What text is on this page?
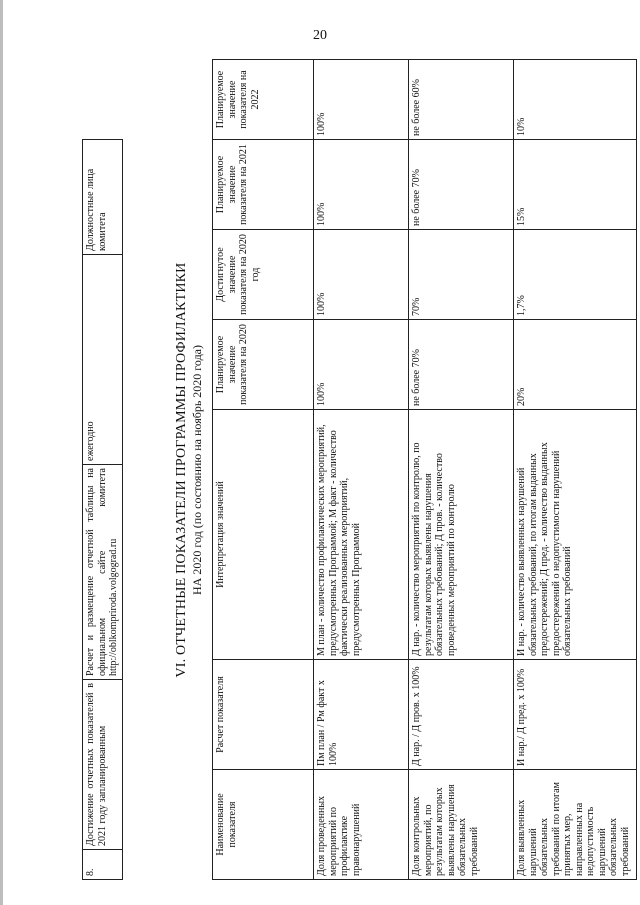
20
8.	Достижение отчетных показателей в 2021 году запланированным	Расчет и размещение отчетной таблицы на официальном сайте комитета http://oblkompriroda.volgograd.ru	ежегодно	Должностные лица комитета
VI. ОТЧЕТНЫЕ ПОКАЗАТЕЛИ ПРОГРАММЫ ПРОФИЛАКТИКИ НА 2020 год (по состоянию на ноябрь 2020 года)
Наименование показателя	Расчет показателя	Интерпретация значений	Планируемое значение показателя на 2020	Достигнутое значение показателя на 2020 год	Планируемое значение показателя на 2021	Планируемое значение показателя на 2022
Доля проведенных мероприятий по профилактике правонарушений	Пм план / Рм факт х 100%	М план - количество профилактических мероприятий, предусмотренных Программой; М факт - количество фактически реализованных мероприятий, предусмотренных Программой	100%	100%	100%	100%
Доля контрольных мероприятий, по результатам которых выявлены нарушения обязательных требований	Д нар. / Д пров. х 100%	Д нар. - количество мероприятий по контролю, по результатам которых выявлены нарушения обязательных требований; Д пров. - количество проведенных мероприятий по контролю	не более 70%	70%	не более 70%	не более 60%
Доля выявленных нарушений обязательных требований по итогам принятых мер, направленных на недопустимость нарушений обязательных требований	И нар./ Д пред. х 100%	И нар. - количество выявленных нарушений обязательных требований, по итогам выданных предостережений; Д пред. - количество выданных предостережений о недопустимости нарушений обязательных требований	20%	1,7%	15%	10%
